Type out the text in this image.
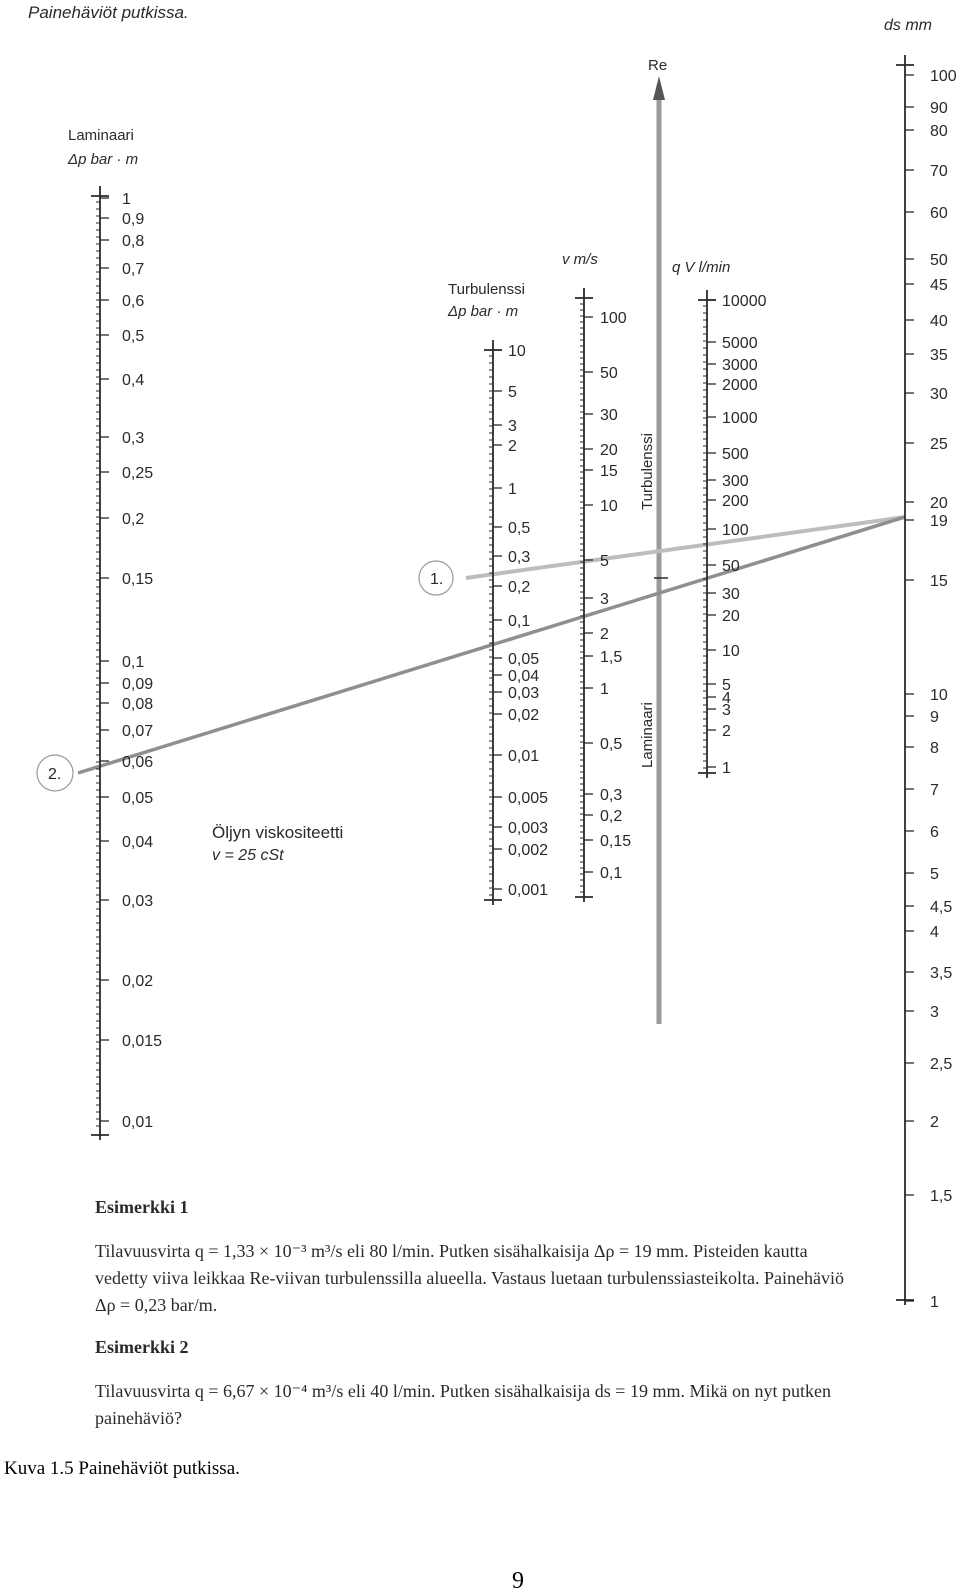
Painehäviöt putkissa.
Laminaari
Δp bar · m
Turbulenssi
Δp bar · m
v m/s	q V l/min
ds mm
Re
Turbulenssi
Laminaari
Öljyn viskositeetti
v = 25 cSt
1.
2.
1
0,9
0,8
0,7
0,6
0,5
0,4
0,3
0,25
0,2
0,15
0,1
0,09
0,08
0,07
0,06
0,05
0,04
0,03
0,02
0,015
0,01
10
5
3
2
1
0,5
0,3
0,2
0,1
0,05
0,04
0,03
0,02
0,01
0,005
0,003
0,002
0,001
100
50
30
20
15
10
5
3
2
1,5
1
0,5
0,3
0,2
0,15
0,1
10000
5000
3000
2000
1000
500
300
200
100
50
30
20
10
5
4
3
2
1
100
90
80
70
60
50
45
40
35
30
25
20
19
15
10
9
8
7
6
5
4,5
4
3,5
3
2,5
2
1,5
1

Esimerkki 1

Tilavuusvirta q = 1,33 × 10⁻³ m³/s eli 80 l/min. Putken sisähalkaisija Δρ = 19 mm. Pisteiden kautta vedetty viiva leikkaa Re-viivan turbulenssilla alueella. Vastaus luetaan turbulenssiasteikolta. Painehäviö Δρ = 0,23 bar/m.

Esimerkki 2

Tilavuusvirta q = 6,67 × 10⁻⁴ m³/s eli 40 l/min. Putken sisähalkaisija ds = 19 mm. Mikä on nyt putken painehäviö?

Kuva 1.5 Painehäviöt putkissa.

9
